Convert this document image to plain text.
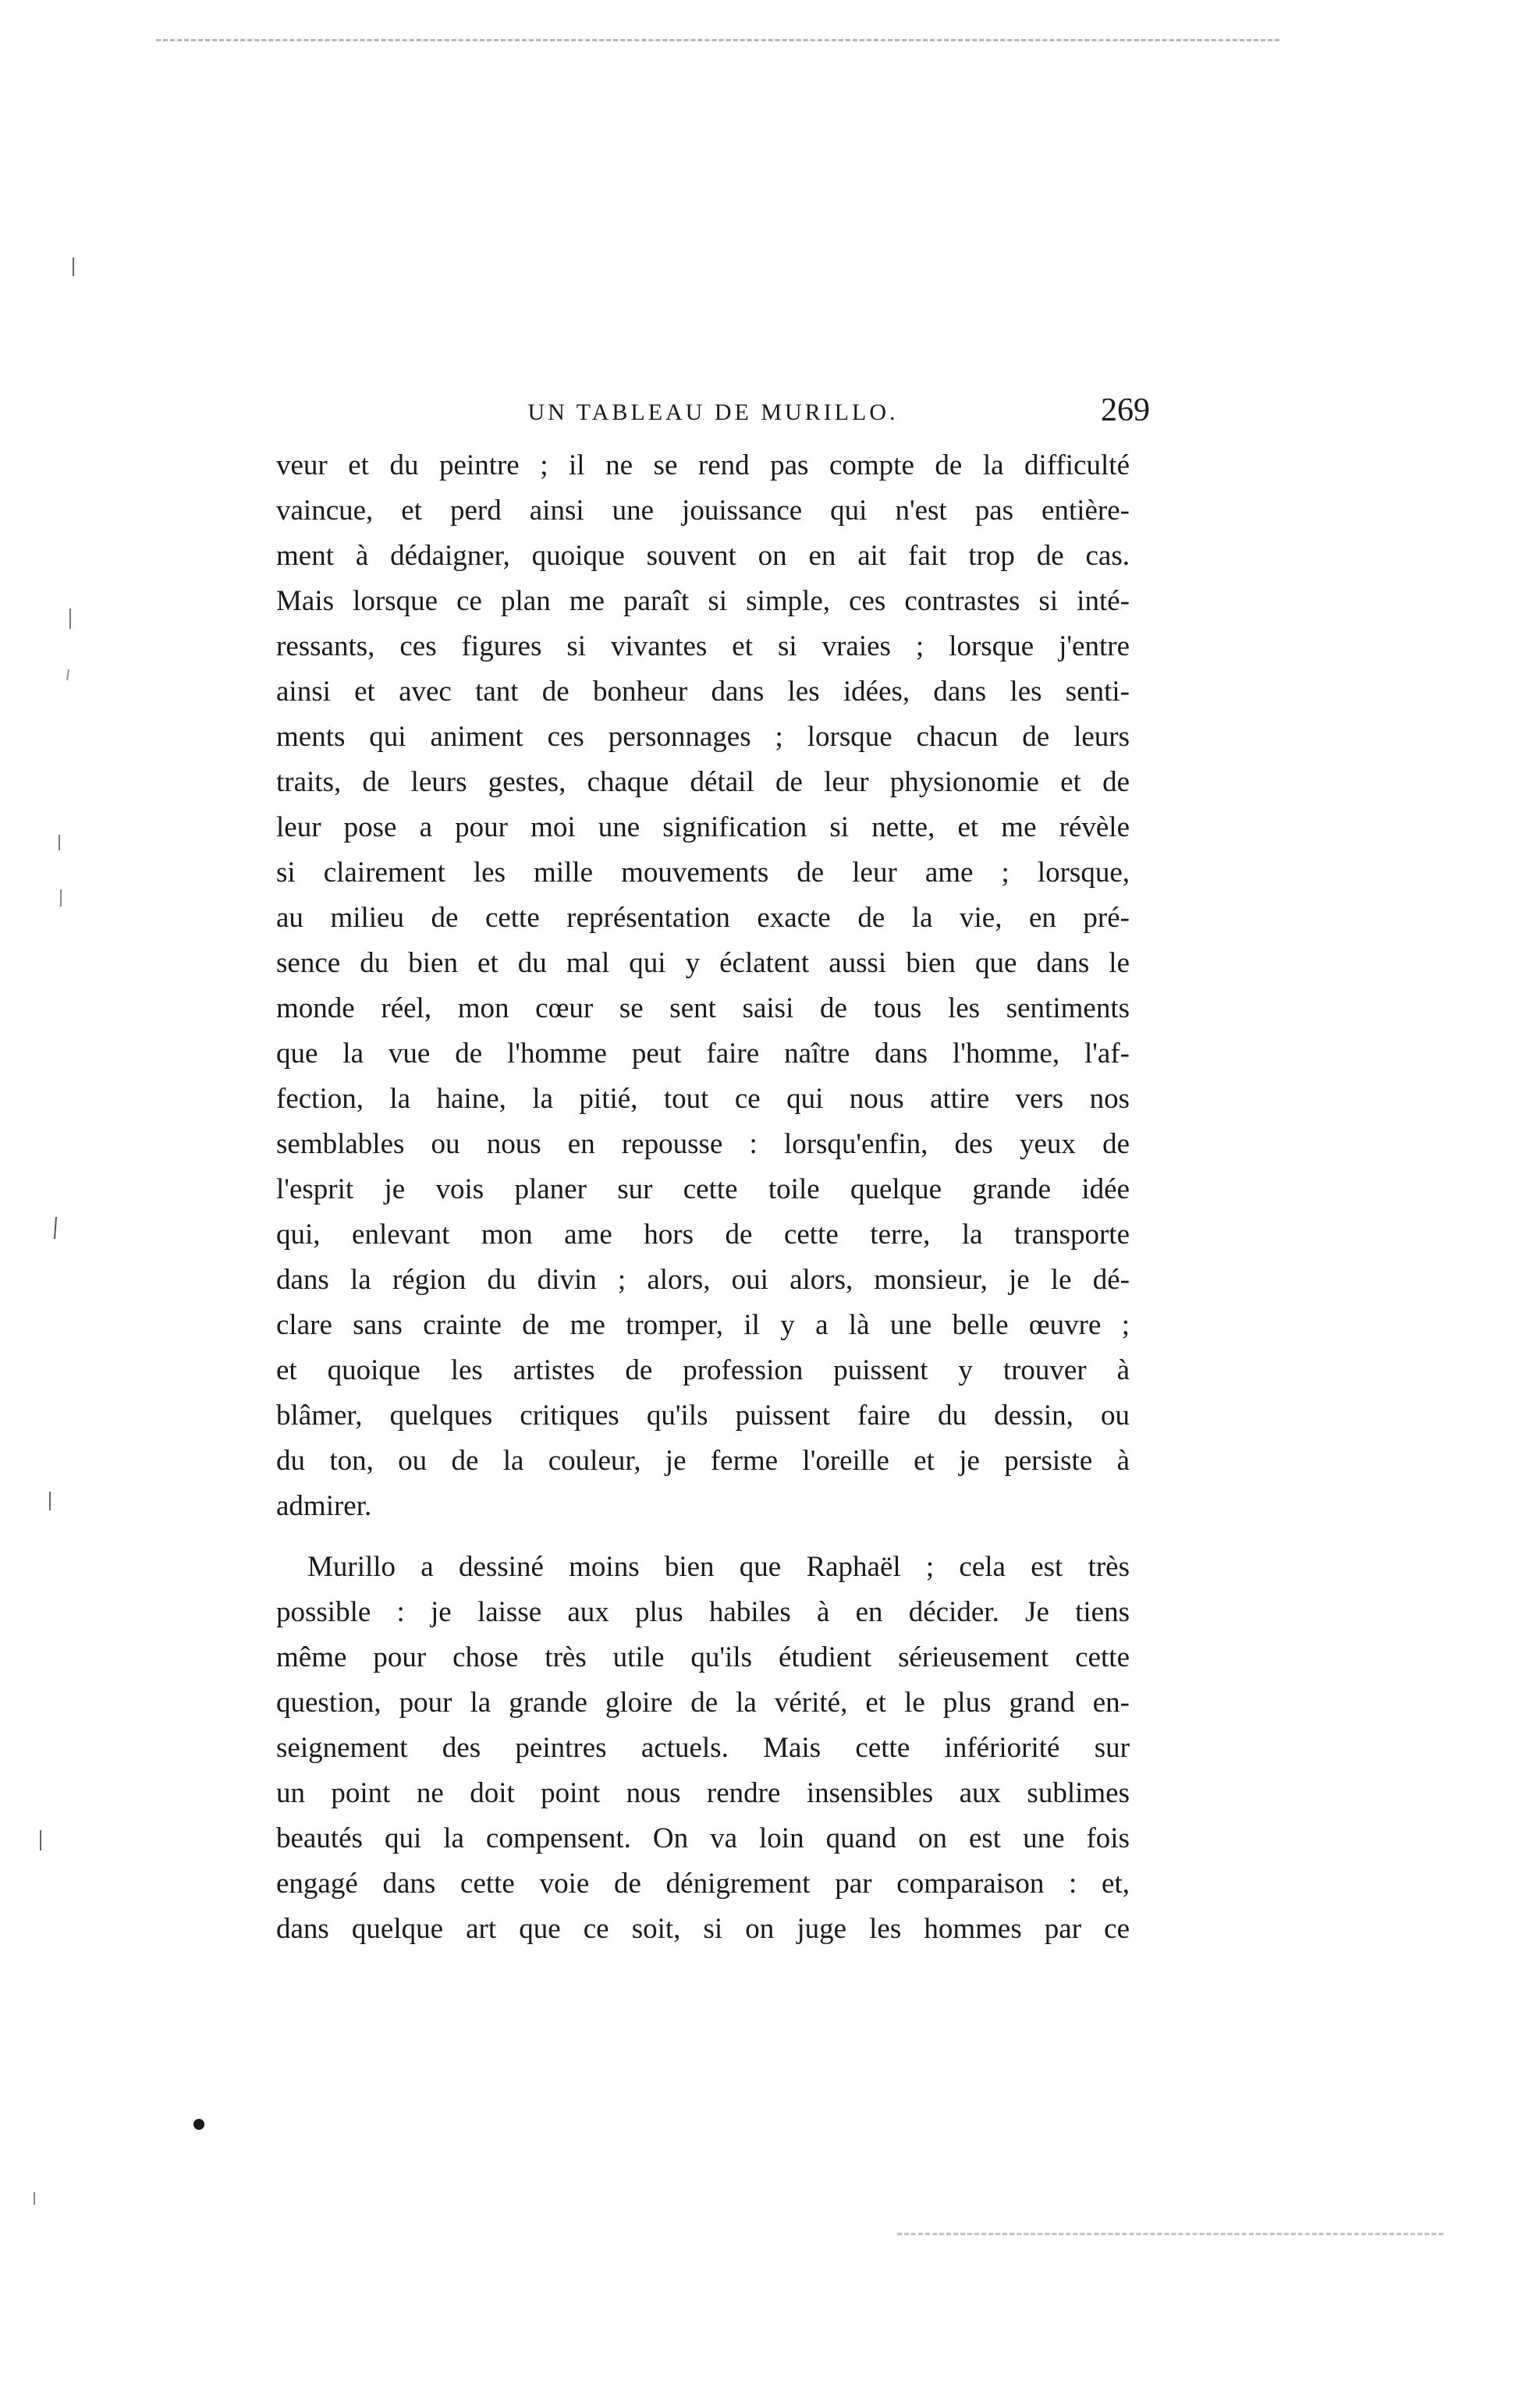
UN TABLEAU DE MURILLO.	269
veur et du peintre ; il ne se rend pas compte de la difficulté
vaincue, et perd ainsi une jouissance qui n'est pas entière-
ment à dédaigner, quoique souvent on en ait fait trop de cas.
Mais lorsque ce plan me paraît si simple, ces contrastes si inté-
ressants, ces figures si vivantes et si vraies ; lorsque j'entre
ainsi et avec tant de bonheur dans les idées, dans les senti-
ments qui animent ces personnages ; lorsque chacun de leurs
traits, de leurs gestes, chaque détail de leur physionomie et de
leur pose a pour moi une signification si nette, et me révèle
si clairement les mille mouvements de leur ame ; lorsque,
au milieu de cette représentation exacte de la vie, en pré-
sence du bien et du mal qui y éclatent aussi bien que dans le
monde réel, mon cœur se sent saisi de tous les sentiments
que la vue de l'homme peut faire naître dans l'homme, l'af-
fection, la haine, la pitié, tout ce qui nous attire vers nos
semblables ou nous en repousse : lorsqu'enfin, des yeux de
l'esprit je vois planer sur cette toile quelque grande idée
qui, enlevant mon ame hors de cette terre, la transporte
dans la région du divin ; alors, oui alors, monsieur, je le dé-
clare sans crainte de me tromper, il y a là une belle œuvre ;
et quoique les artistes de profession puissent y trouver à
blâmer, quelques critiques qu'ils puissent faire du dessin, ou
du ton, ou de la couleur, je ferme l'oreille et je persiste à
admirer.
Murillo a dessiné moins bien que Raphaël ; cela est très
possible : je laisse aux plus habiles à en décider. Je tiens
même pour chose très utile qu'ils étudient sérieusement cette
question, pour la grande gloire de la vérité, et le plus grand en-
seignement des peintres actuels. Mais cette infériorité sur
un point ne doit point nous rendre insensibles aux sublimes
beautés qui la compensent. On va loin quand on est une fois
engagé dans cette voie de dénigrement par comparaison : et,
dans quelque art que ce soit, si on juge les hommes par ce
